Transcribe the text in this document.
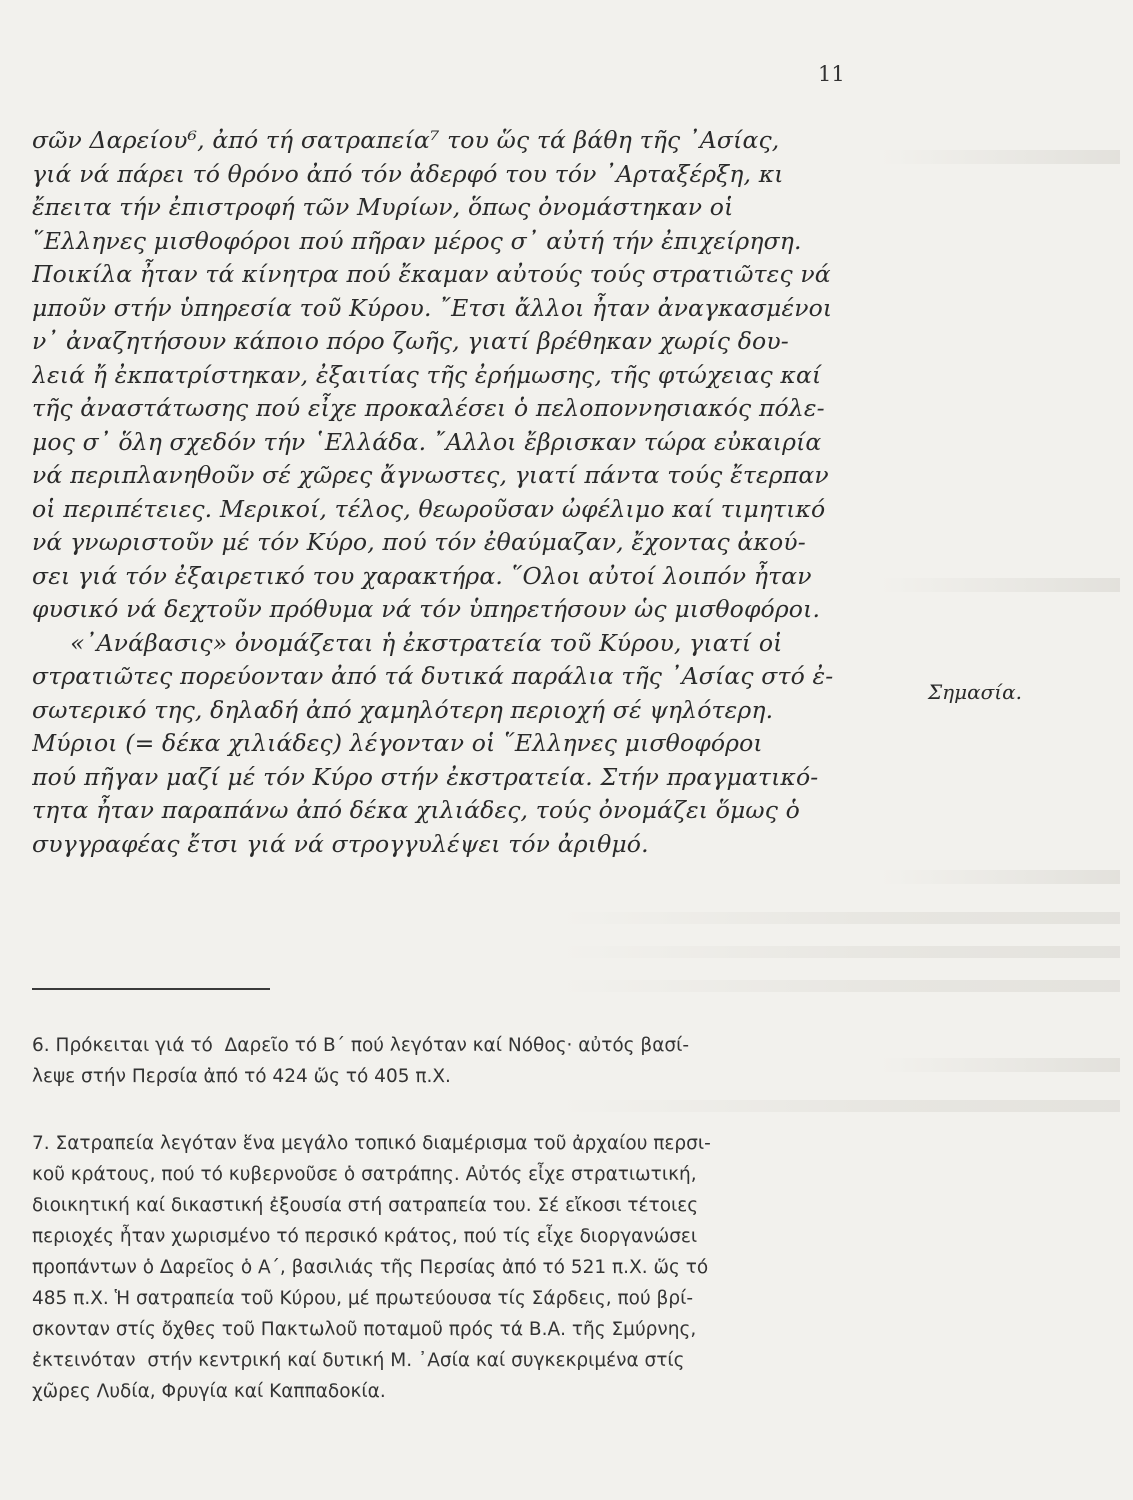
11
σῶν Δαρείου⁶, ἀπό τή σατραπεία⁷ του ὥς τά βάθη τῆς ᾿Ασίας,
γιά νά πάρει τό θρόνο ἀπό τόν ἀδερφό του τόν ᾿Αρταξέρξη, κι
ἔπειτα τήν ἐπιστροφή τῶν Μυρίων, ὅπως ὀνομάστηκαν οἱ
῞Ελληνες μισθοφόροι πού πῆραν μέρος σ᾿ αὐτή τήν ἐπιχείρηση.
Ποικίλα ἦταν τά κίνητρα πού ἔκαμαν αὐτούς τούς στρατιῶτες νά
μποῦν στήν ὑπηρεσία τοῦ Κύρου. ῎Ετσι ἄλλοι ἦταν ἀναγκασμένοι
ν᾿ ἀναζητήσουν κάποιο πόρο ζωῆς, γιατί βρέθηκαν χωρίς δου-
λειά ἤ ἐκπατρίστηκαν, ἐξαιτίας τῆς ἐρήμωσης, τῆς φτώχειας καί
τῆς ἀναστάτωσης πού εἶχε προκαλέσει ὁ πελοποννησιακός πόλε-
μος σ᾿ ὅλη σχεδόν τήν ῾Ελλάδα. ῎Αλλοι ἔβρισκαν τώρα εὐκαιρία
νά περιπλανηθοῦν σέ χῶρες ἄγνωστες, γιατί πάντα τούς ἔτερπαν
οἱ περιπέτειες. Μερικοί, τέλος, θεωροῦσαν ὠφέλιμο καί τιμητικό
νά γνωριστοῦν μέ τόν Κύρο, πού τόν ἐθαύμαζαν, ἔχοντας ἀκού-
σει γιά τόν ἐξαιρετικό του χαρακτήρα. ῞Ολοι αὐτοί λοιπόν ἦταν
φυσικό νά δεχτοῦν πρόθυμα νά τόν ὑπηρετήσουν ὡς μισθοφόροι.
«᾿Ανάβασις» ὀνομάζεται ἡ ἐκστρατεία τοῦ Κύρου, γιατί οἱ
στρατιῶτες πορεύονταν ἀπό τά δυτικά παράλια τῆς ᾿Ασίας στό ἐ-
σωτερικό της, δηλαδή ἀπό χαμηλότερη περιοχή σέ ψηλότερη.
Μύριοι (= δέκα χιλιάδες) λέγονταν οἱ ῞Ελληνες μισθοφόροι
πού πῆγαν μαζί μέ τόν Κύρο στήν ἐκστρατεία. Στήν πραγματικό-
τητα ἦταν παραπάνω ἀπό δέκα χιλιάδες, τούς ὀνομάζει ὅμως ὁ
συγγραφέας ἔτσι γιά νά στρογγυλέψει τόν ἀριθμό.
Σημασία.
6. Πρόκειται γιά τό  Δαρεῖο τό Β΄ πού λεγόταν καί Νόθος· αὐτός βασί-
λεψε στήν Περσία ἀπό τό 424 ὥς τό 405 π.Χ.
7. Σατραπεία λεγόταν ἕνα μεγάλο τοπικό διαμέρισμα τοῦ ἀρχαίου περσι-
κοῦ κράτους, πού τό κυβερνοῦσε ὁ σατράπης. Αὐτός εἶχε στρατιωτική,
διοικητική καί δικαστική ἐξουσία στή σατραπεία του. Σέ εἴκοσι τέτοιες
περιοχές ἦταν χωρισμένο τό περσικό κράτος, πού τίς εἶχε διοργανώσει
προπάντων ὁ Δαρεῖος ὁ Α΄, βασιλιάς τῆς Περσίας ἀπό τό 521 π.Χ. ὥς τό
485 π.Χ. Ἡ σατραπεία τοῦ Κύρου, μέ πρωτεύουσα τίς Σάρδεις, πού βρί-
σκονταν στίς ὄχθες τοῦ Πακτωλοῦ ποταμοῦ πρός τά Β.Α. τῆς Σμύρνης,
ἐκτεινόταν  στήν κεντρική καί δυτική Μ. ᾿Ασία καί συγκεκριμένα στίς
χῶρες Λυδία, Φρυγία καί Καππαδοκία.
